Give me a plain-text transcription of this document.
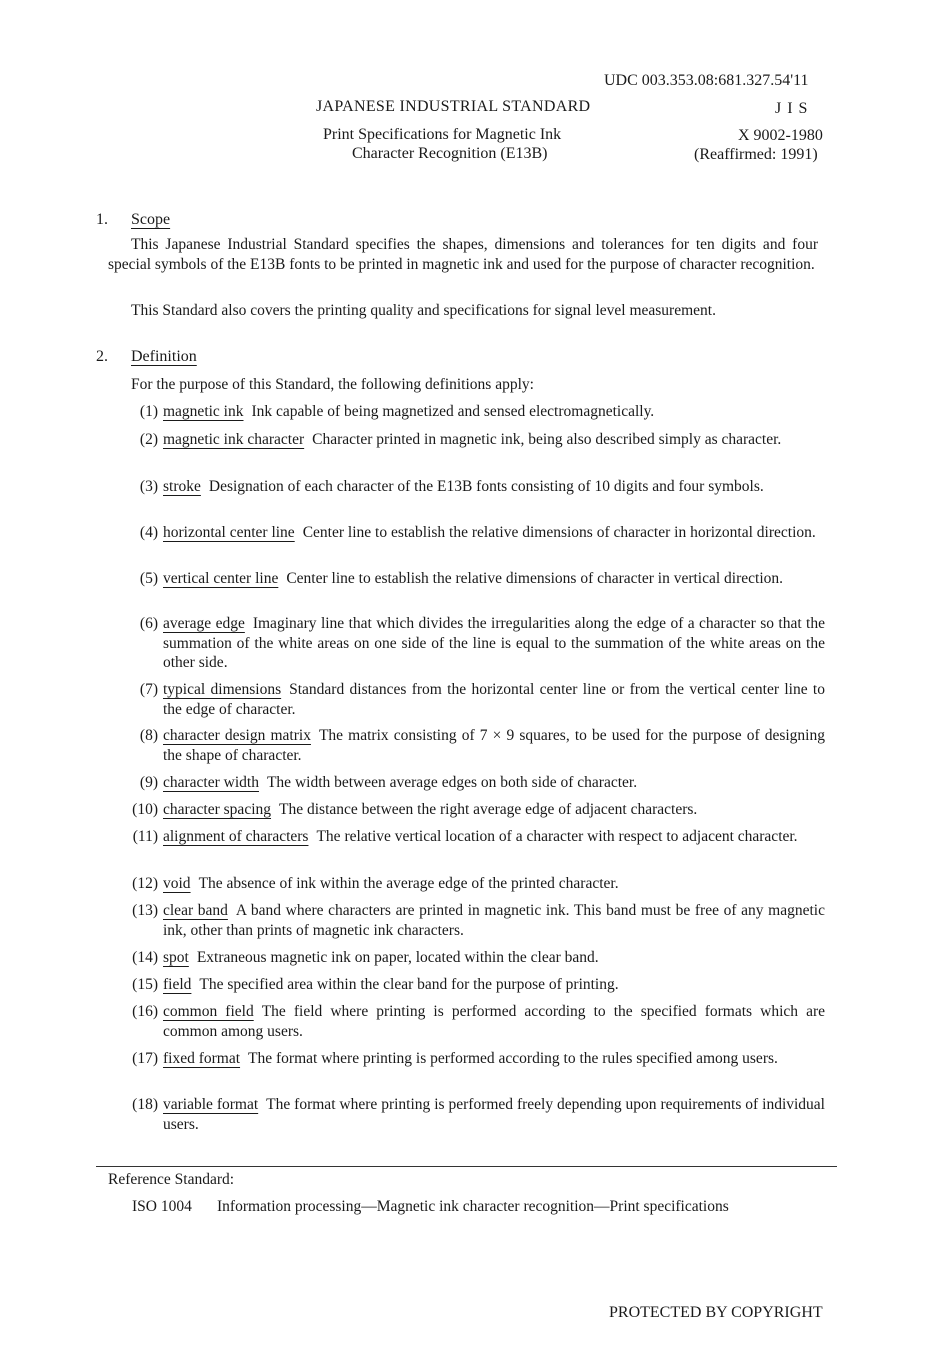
UDC 003.353.08:681.327.54'11
JAPANESE INDUSTRIAL STANDARD	J I S
Print Specifications for Magnetic Ink
Character Recognition (E13B)
X 9002-1980
(Reaffirmed: 1991)
1. Scope
This Japanese Industrial Standard specifies the shapes, dimensions and tolerances for ten digits and four special symbols of the E13B fonts to be printed in magnetic ink and used for the purpose of character recognition.
This Standard also covers the printing quality and specifications for signal level measurement.
2. Definition
For the purpose of this Standard, the following definitions apply:
(1) magnetic ink Ink capable of being magnetized and sensed electromagnetically.
(2) magnetic ink character Character printed in magnetic ink, being also described simply as character.
(3) stroke Designation of each character of the E13B fonts consisting of 10 digits and four symbols.
(4) horizontal center line Center line to establish the relative dimensions of character in horizontal direction.
(5) vertical center line Center line to establish the relative dimensions of character in vertical direction.
(6) average edge Imaginary line that which divides the irregularities along the edge of a character so that the summation of the white areas on one side of the line is equal to the summation of the white areas on the other side.
(7) typical dimensions Standard distances from the horizontal center line or from the vertical center line to the edge of character.
(8) character design matrix The matrix consisting of 7 × 9 squares, to be used for the purpose of designing the shape of character.
(9) character width The width between average edges on both side of character.
(10) character spacing The distance between the right average edge of adjacent characters.
(11) alignment of characters The relative vertical location of a character with respect to adjacent character.
(12) void The absence of ink within the average edge of the printed character.
(13) clear band A band where characters are printed in magnetic ink. This band must be free of any magnetic ink, other than prints of magnetic ink characters.
(14) spot Extraneous magnetic ink on paper, located within the clear band.
(15) field The specified area within the clear band for the purpose of printing.
(16) common field The field where printing is performed according to the specified formats which are common among users.
(17) fixed format The format where printing is performed according to the rules specified among users.
(18) variable format The format where printing is performed freely depending upon requirements of individual users.
Reference Standard:
ISO 1004 Information processing—Magnetic ink character recognition—Print specifications
PROTECTED BY COPYRIGHT
